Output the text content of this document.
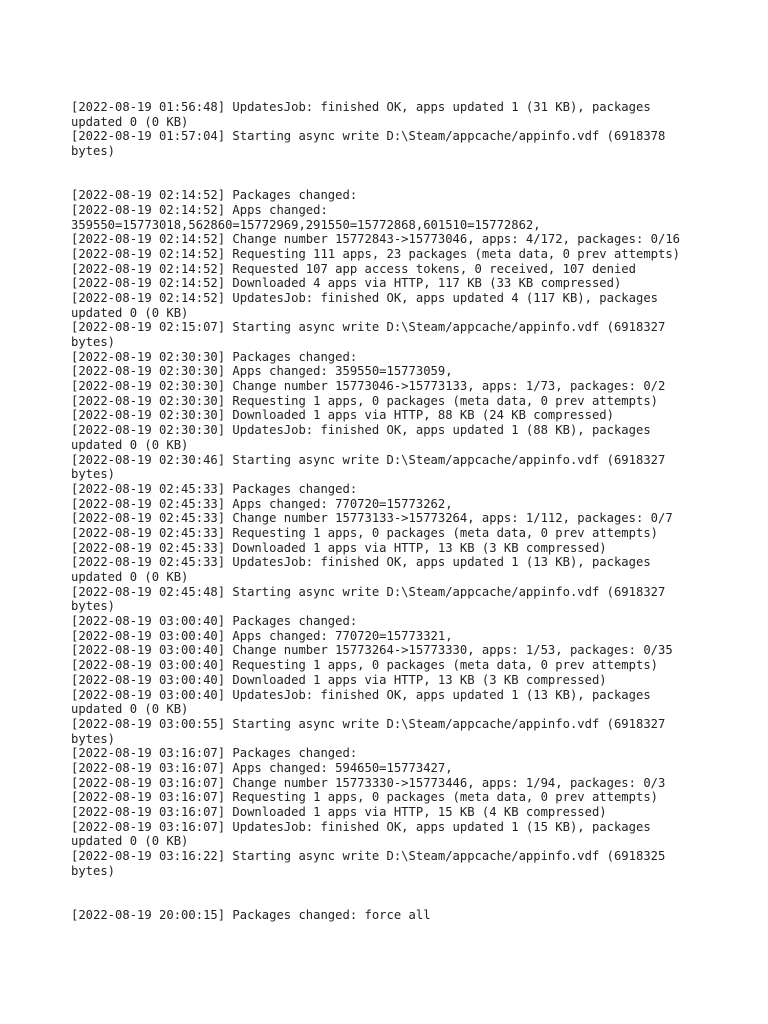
[2022-08-19 01:56:48] UpdatesJob: finished OK, apps updated 1 (31 KB), packages
updated 0 (0 KB)
[2022-08-19 01:57:04] Starting async write D:\Steam/appcache/appinfo.vdf (6918378
bytes)
[2022-08-19 02:14:52] Packages changed:
[2022-08-19 02:14:52] Apps changed:
359550=15773018,562860=15772969,291550=15772868,601510=15772862,
[2022-08-19 02:14:52] Change number 15772843->15773046, apps: 4/172, packages: 0/16
[2022-08-19 02:14:52] Requesting 111 apps, 23 packages (meta data, 0 prev attempts)
[2022-08-19 02:14:52] Requested 107 app access tokens, 0 received, 107 denied
[2022-08-19 02:14:52] Downloaded 4 apps via HTTP, 117 KB (33 KB compressed)
[2022-08-19 02:14:52] UpdatesJob: finished OK, apps updated 4 (117 KB), packages
updated 0 (0 KB)
[2022-08-19 02:15:07] Starting async write D:\Steam/appcache/appinfo.vdf (6918327
bytes)
[2022-08-19 02:30:30] Packages changed:
[2022-08-19 02:30:30] Apps changed: 359550=15773059,
[2022-08-19 02:30:30] Change number 15773046->15773133, apps: 1/73, packages: 0/2
[2022-08-19 02:30:30] Requesting 1 apps, 0 packages (meta data, 0 prev attempts)
[2022-08-19 02:30:30] Downloaded 1 apps via HTTP, 88 KB (24 KB compressed)
[2022-08-19 02:30:30] UpdatesJob: finished OK, apps updated 1 (88 KB), packages
updated 0 (0 KB)
[2022-08-19 02:30:46] Starting async write D:\Steam/appcache/appinfo.vdf (6918327
bytes)
[2022-08-19 02:45:33] Packages changed:
[2022-08-19 02:45:33] Apps changed: 770720=15773262,
[2022-08-19 02:45:33] Change number 15773133->15773264, apps: 1/112, packages: 0/7
[2022-08-19 02:45:33] Requesting 1 apps, 0 packages (meta data, 0 prev attempts)
[2022-08-19 02:45:33] Downloaded 1 apps via HTTP, 13 KB (3 KB compressed)
[2022-08-19 02:45:33] UpdatesJob: finished OK, apps updated 1 (13 KB), packages
updated 0 (0 KB)
[2022-08-19 02:45:48] Starting async write D:\Steam/appcache/appinfo.vdf (6918327
bytes)
[2022-08-19 03:00:40] Packages changed:
[2022-08-19 03:00:40] Apps changed: 770720=15773321,
[2022-08-19 03:00:40] Change number 15773264->15773330, apps: 1/53, packages: 0/35
[2022-08-19 03:00:40] Requesting 1 apps, 0 packages (meta data, 0 prev attempts)
[2022-08-19 03:00:40] Downloaded 1 apps via HTTP, 13 KB (3 KB compressed)
[2022-08-19 03:00:40] UpdatesJob: finished OK, apps updated 1 (13 KB), packages
updated 0 (0 KB)
[2022-08-19 03:00:55] Starting async write D:\Steam/appcache/appinfo.vdf (6918327
bytes)
[2022-08-19 03:16:07] Packages changed:
[2022-08-19 03:16:07] Apps changed: 594650=15773427,
[2022-08-19 03:16:07] Change number 15773330->15773446, apps: 1/94, packages: 0/3
[2022-08-19 03:16:07] Requesting 1 apps, 0 packages (meta data, 0 prev attempts)
[2022-08-19 03:16:07] Downloaded 1 apps via HTTP, 15 KB (4 KB compressed)
[2022-08-19 03:16:07] UpdatesJob: finished OK, apps updated 1 (15 KB), packages
updated 0 (0 KB)
[2022-08-19 03:16:22] Starting async write D:\Steam/appcache/appinfo.vdf (6918325
bytes)
[2022-08-19 20:00:15] Packages changed: force all
